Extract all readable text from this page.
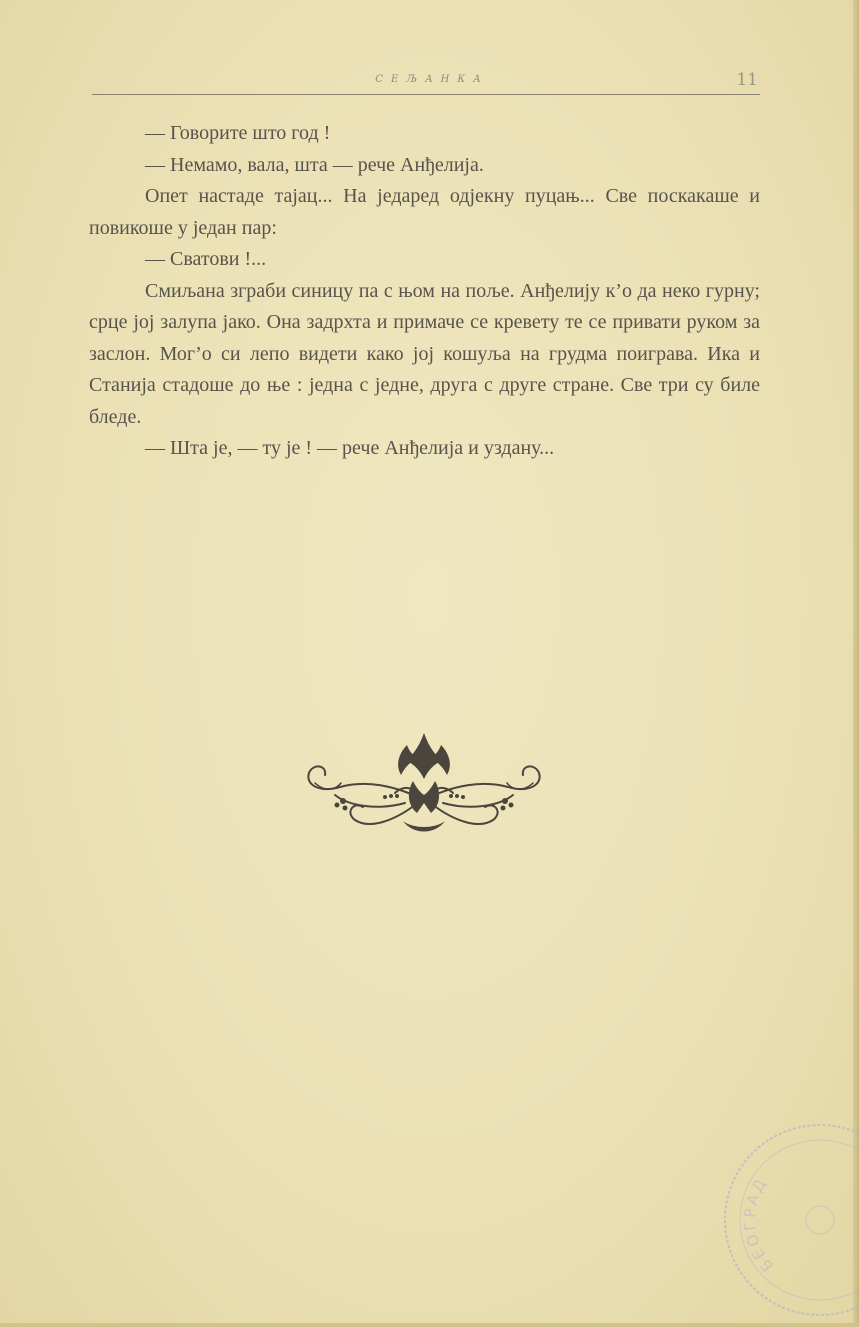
СЕЉАНКА	11

— Говорите што год !

— Немамо, вала, шта — рече Анђелија.

Опет настаде тајац... На једаред одјекну пуцањ... Све поскакаше и повикоше у један пар:

— Сватови !...

Смиљана зграби синицу па с њом на поље. Анђелију к’о да неко гурну; срце јој залупа јако. Она задрхта и примаче се кревету те се привати руком за заслон. Мог’о си лепо видети како јој кошуља на грудма поиграва. Ика и Станија стадоше до ње : једна с једне, друга с друге стране. Све три су биле бледе.

— Шта је, — ту је ! — рече Анђелија и уздану...

БЕОГРАД
